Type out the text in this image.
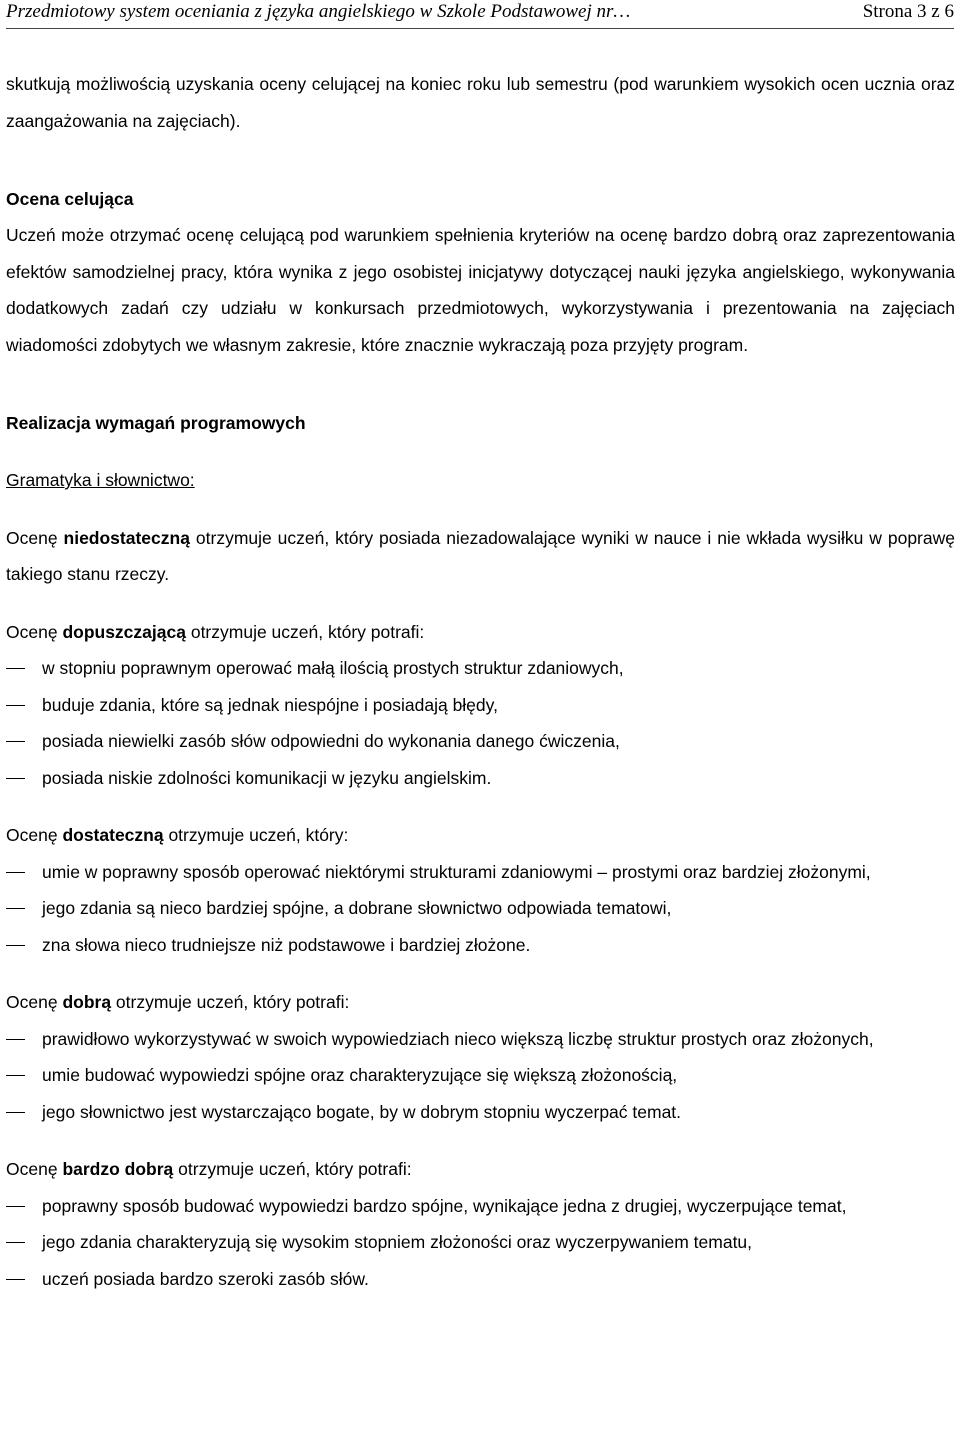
Przedmiotowy system oceniania z języka angielskiego w Szkole Podstawowej nr…	Strona 3 z 6

skutkują możliwością uzyskania oceny celującej na koniec roku lub semestru (pod warunkiem wysokich ocen ucznia oraz zaangażowania na zajęciach).

Ocena celująca

Uczeń może otrzymać ocenę celującą pod warunkiem spełnienia kryteriów na ocenę bardzo dobrą oraz zaprezentowania efektów samodzielnej pracy, która wynika z jego osobistej inicjatywy dotyczącej nauki języka angielskiego, wykonywania dodatkowych zadań czy udziału w konkursach przedmiotowych, wykorzystywania i prezentowania na zajęciach wiadomości zdobytych we własnym zakresie, które znacznie wykraczają poza przyjęty program.

Realizacja wymagań programowych

Gramatyka i słownictwo:

Ocenę niedostateczną otrzymuje uczeń, który posiada niezadowalające wyniki w nauce i nie wkłada wysiłku w poprawę takiego stanu rzeczy.

Ocenę dopuszczającą otrzymuje uczeń, który potrafi:

w stopniu poprawnym operować małą ilością prostych struktur zdaniowych,
buduje zdania, które są jednak niespójne i posiadają błędy,
posiada niewielki zasób słów odpowiedni do wykonania danego ćwiczenia,
posiada niskie zdolności komunikacji w języku angielskim.

Ocenę dostateczną otrzymuje uczeń, który:

umie w poprawny sposób operować niektórymi strukturami zdaniowymi – prostymi oraz bardziej złożonymi,
jego zdania są nieco bardziej spójne, a dobrane słownictwo odpowiada tematowi,
zna słowa nieco trudniejsze niż podstawowe i bardziej złożone.

Ocenę dobrą otrzymuje uczeń, który potrafi:

prawidłowo wykorzystywać w swoich wypowiedziach nieco większą liczbę struktur prostych oraz złożonych,
umie budować wypowiedzi spójne oraz charakteryzujące się większą złożonością,
jego słownictwo jest wystarczająco bogate, by w dobrym stopniu wyczerpać temat.

Ocenę bardzo dobrą otrzymuje uczeń, który potrafi:

poprawny sposób budować wypowiedzi bardzo spójne, wynikające jedna z drugiej, wyczerpujące temat,
jego zdania charakteryzują się wysokim stopniem złożoności oraz wyczerpywaniem tematu,
uczeń posiada bardzo szeroki zasób słów.
